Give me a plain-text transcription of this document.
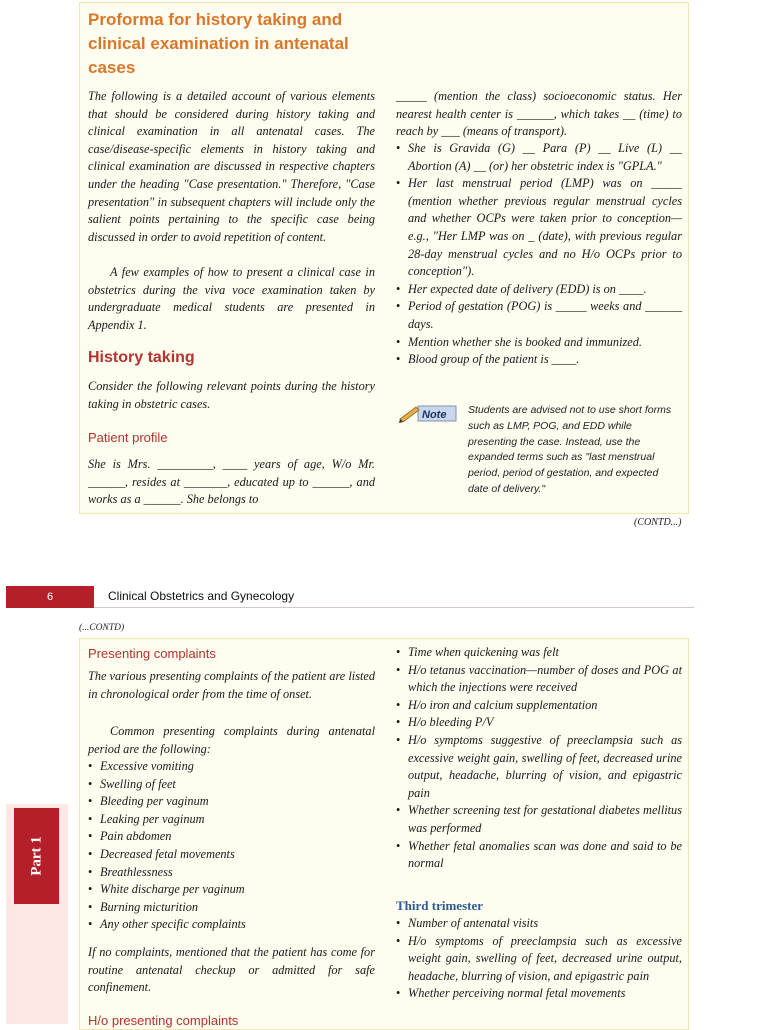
Proforma for history taking and clinical examination in antenatal cases

The following is a detailed account of various elements that should be considered during history taking and clinical examination in all antenatal cases. The case/disease-specific elements in history taking and clinical examination are discussed in respective chapters under the heading "Case presentation." Therefore, "Case presentation" in subsequent chapters will include only the salient points pertaining to the specific case being discussed in order to avoid repetition of content.

A few examples of how to present a clinical case in obstetrics during the viva voce examination taken by undergraduate medical students are presented in Appendix 1.

History taking

Consider the following relevant points during the history taking in obstetric cases.

Patient profile

She is Mrs. _________, ____ years of age, W/o Mr. ______, resides at _______, educated up to ______, and works as a ______. She belongs to

_____ (mention the class) socioeconomic status. Her nearest health center is ______, which takes __ (time) to reach by ___ (means of transport).

• She is Gravida (G) __ Para (P) __ Live (L) __ Abortion (A) __ (or) her obstetric index is "GPLA."
• Her last menstrual period (LMP) was on _____ (mention whether previous regular menstrual cycles and whether OCPs were taken prior to conception—e.g., "Her LMP was on _ (date), with previous regular 28-day menstrual cycles and no H/o OCPs prior to conception").
• Her expected date of delivery (EDD) is on ____.
• Period of gestation (POG) is _____ weeks and ______ days.
• Mention whether she is booked and immunized.
• Blood group of the patient is ____.
Note Students are advised not to use short forms such as LMP, POG, and EDD while presenting the case. Instead, use the expanded terms such as "last menstrual period, period of gestation, and expected date of delivery."

(CONTD...)
6	Clinical Obstetrics and Gynecology
(...CONTD)
Part 1
Presenting complaints

The various presenting complaints of the patient are listed in chronological order from the time of onset.

Common presenting complaints during antenatal period are the following:

• Excessive vomiting
• Swelling of feet
• Bleeding per vaginum
• Leaking per vaginum
• Pain abdomen
• Decreased fetal movements
• Breathlessness
• White discharge per vaginum
• Burning micturition
• Any other specific complaints

If no complaints, mentioned that the patient has come for routine antenatal checkup or admitted for safe confinement.

H/o presenting complaints
• Time when quickening was felt
• H/o tetanus vaccination—number of doses and POG at which the injections were received
• H/o iron and calcium supplementation
• H/o bleeding P/V
• H/o symptoms suggestive of preeclampsia such as excessive weight gain, swelling of feet, decreased urine output, headache, blurring of vision, and epigastric pain
• Whether screening test for gestational diabetes mellitus was performed
• Whether fetal anomalies scan was done and said to be normal
Third trimester
• Number of antenatal visits
• H/o symptoms of preeclampsia such as excessive weight gain, swelling of feet, decreased urine output, headache, blurring of vision, and epigastric pain
• Whether perceiving normal fetal movements
